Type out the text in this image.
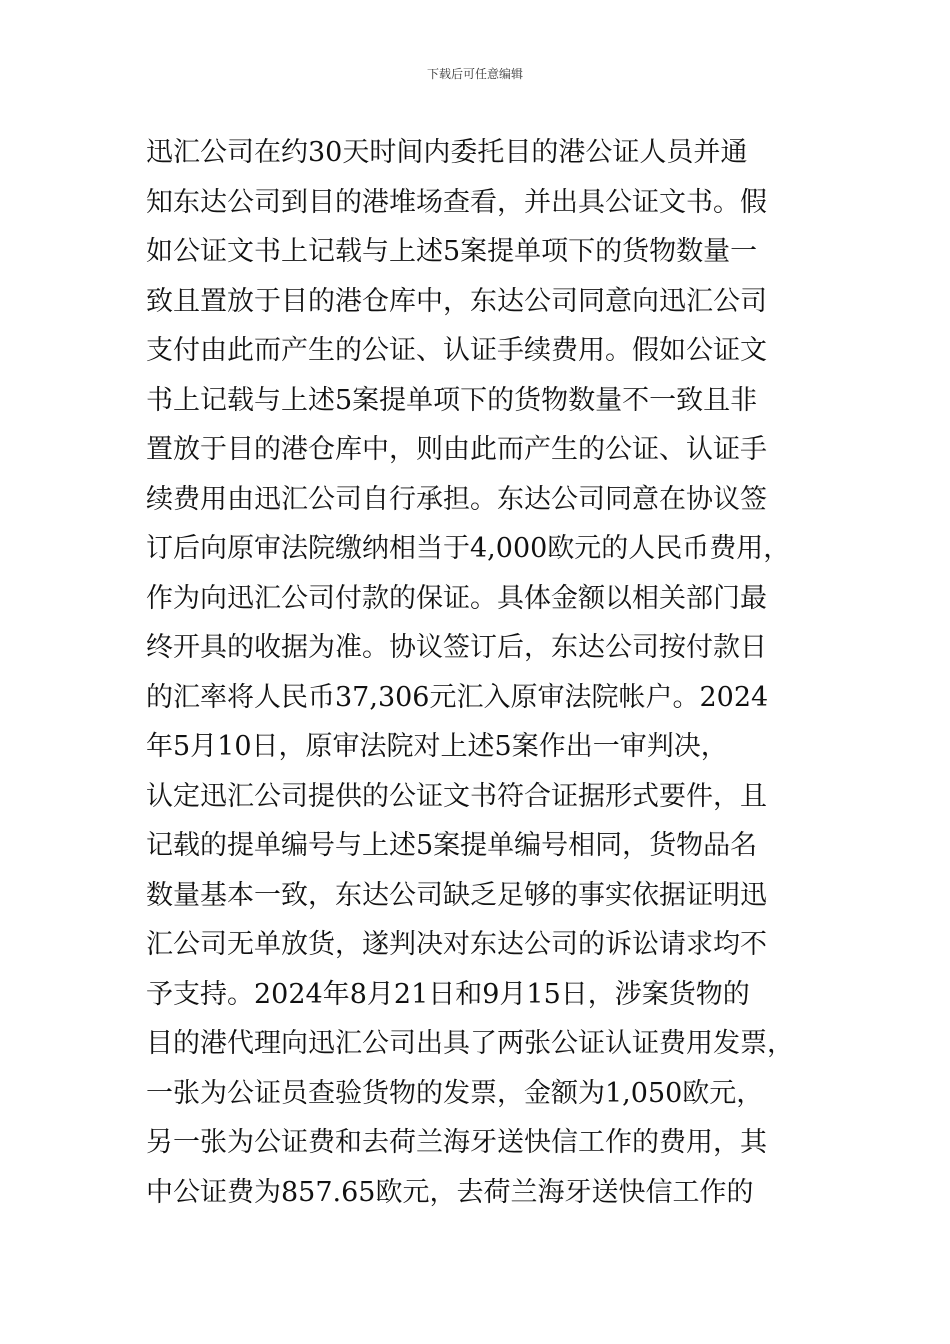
下载后可任意编辑
迅汇公司在约30天时间内委托目的港公证人员并通
知东达公司到目的港堆场查看，并出具公证文书。假
如公证文书上记载与上述5案提单项下的货物数量一
致且置放于目的港仓库中，东达公司同意向迅汇公司
支付由此而产生的公证、认证手续费用。假如公证文
书上记载与上述5案提单项下的货物数量不一致且非
置放于目的港仓库中，则由此而产生的公证、认证手
续费用由迅汇公司自行承担。东达公司同意在协议签
订后向原审法院缴纳相当于4,000欧元的人民币费用，
作为向迅汇公司付款的保证。具体金额以相关部门最
终开具的收据为准。协议签订后，东达公司按付款日
的汇率将人民币37,306元汇入原审法院帐户。2024
年5月10日，原审法院对上述5案作出一审判决，
认定迅汇公司提供的公证文书符合证据形式要件，且
记载的提单编号与上述5案提单编号相同，货物品名
数量基本一致，东达公司缺乏足够的事实依据证明迅
汇公司无单放货，遂判决对东达公司的诉讼请求均不
予支持。2024年8月21日和9月15日，涉案货物的
目的港代理向迅汇公司出具了两张公证认证费用发票，
一张为公证员查验货物的发票，金额为1,050欧元，
另一张为公证费和去荷兰海牙送快信工作的费用，其
中公证费为857.65欧元，去荷兰海牙送快信工作的
